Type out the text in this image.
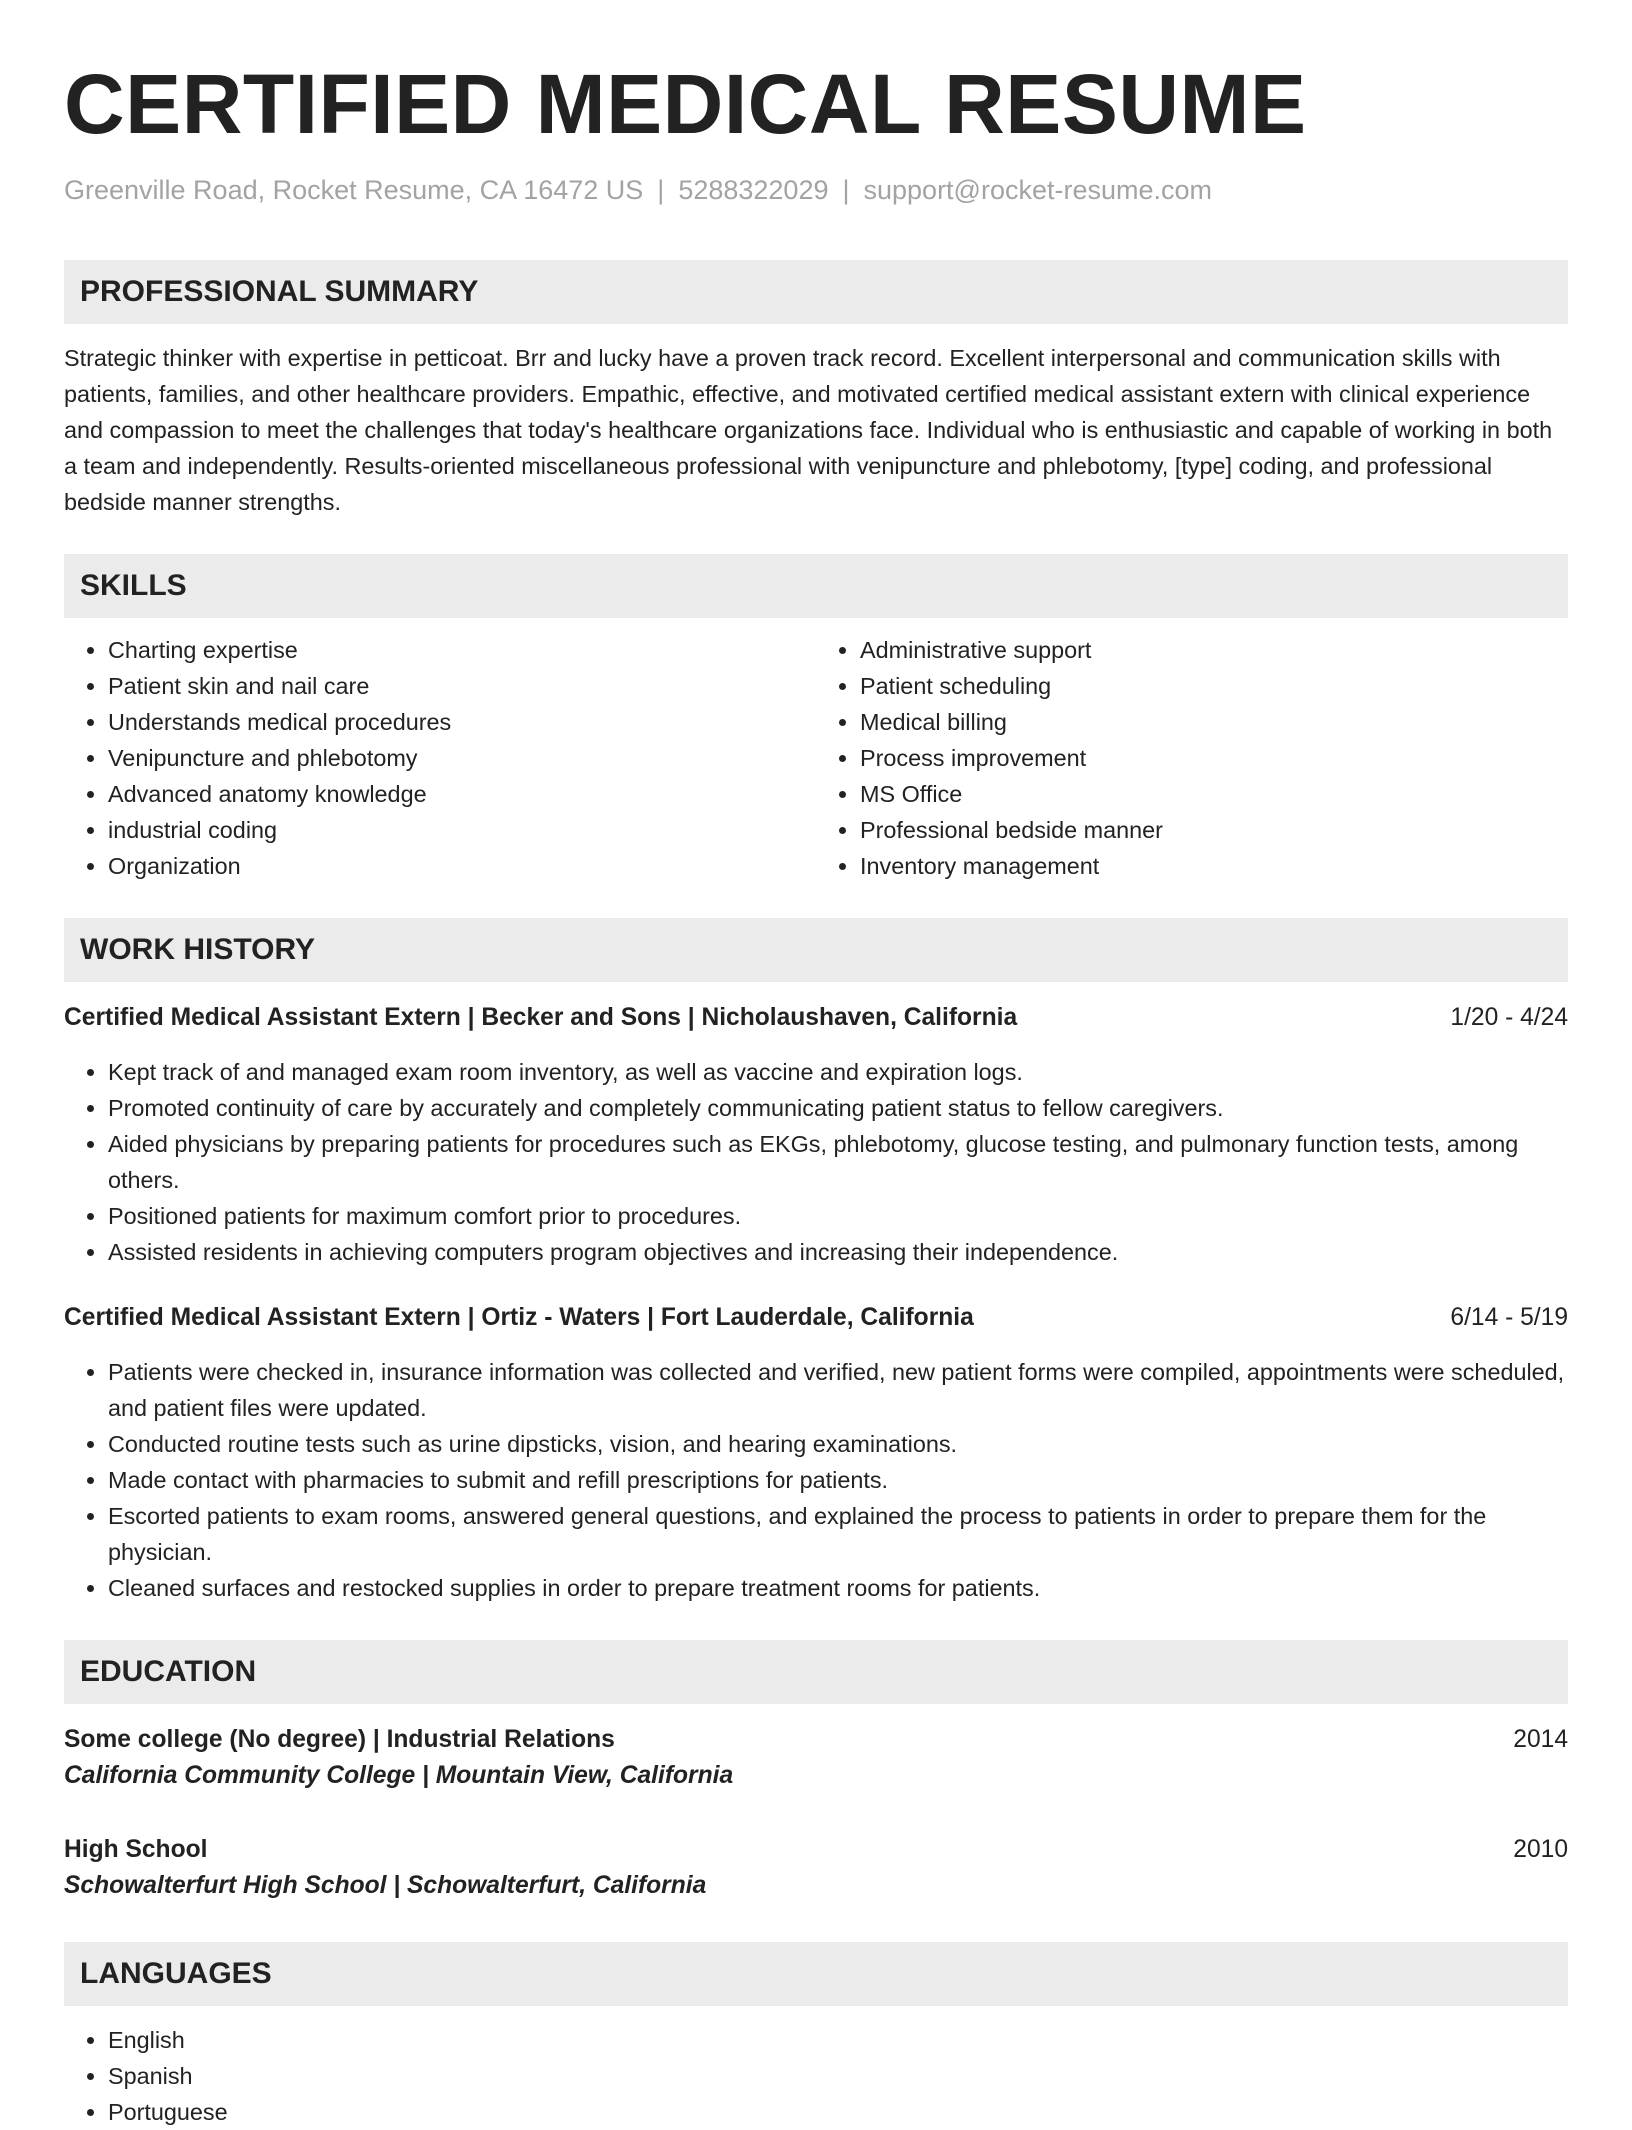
CERTIFIED MEDICAL RESUME
Greenville Road, Rocket Resume, CA 16472 US | 5288322029 | support@rocket-resume.com
PROFESSIONAL SUMMARY

Strategic thinker with expertise in petticoat. Brr and lucky have a proven track record. Excellent interpersonal and communication skills with patients, families, and other healthcare providers. Empathic, effective, and motivated certified medical assistant extern with clinical experience and compassion to meet the challenges that today's healthcare organizations face. Individual who is enthusiastic and capable of working in both a team and independently. Results-oriented miscellaneous professional with venipuncture and phlebotomy, [type] coding, and professional bedside manner strengths.

SKILLS
• Charting expertise
• Patient skin and nail care
• Understands medical procedures
• Venipuncture and phlebotomy
• Advanced anatomy knowledge
• industrial coding
• Organization
• Administrative support
• Patient scheduling
• Medical billing
• Process improvement
• MS Office
• Professional bedside manner
• Inventory management
WORK HISTORY
Certified Medical Assistant Extern | Becker and Sons | Nicholaushaven, California	1/20 - 4/24
• Kept track of and managed exam room inventory, as well as vaccine and expiration logs.
• Promoted continuity of care by accurately and completely communicating patient status to fellow caregivers.
• Aided physicians by preparing patients for procedures such as EKGs, phlebotomy, glucose testing, and pulmonary function tests, among others.
• Positioned patients for maximum comfort prior to procedures.
• Assisted residents in achieving computers program objectives and increasing their independence.
Certified Medical Assistant Extern | Ortiz - Waters | Fort Lauderdale, California	6/14 - 5/19
• Patients were checked in, insurance information was collected and verified, new patient forms were compiled, appointments were scheduled, and patient files were updated.
• Conducted routine tests such as urine dipsticks, vision, and hearing examinations.
• Made contact with pharmacies to submit and refill prescriptions for patients.
• Escorted patients to exam rooms, answered general questions, and explained the process to patients in order to prepare them for the physician.
• Cleaned surfaces and restocked supplies in order to prepare treatment rooms for patients.
EDUCATION
Some college (No degree) | Industrial Relations	2014
California Community College | Mountain View, California
High School	2010
Schowalterfurt High School | Schowalterfurt, California
LANGUAGES
• English
• Spanish
• Portuguese
